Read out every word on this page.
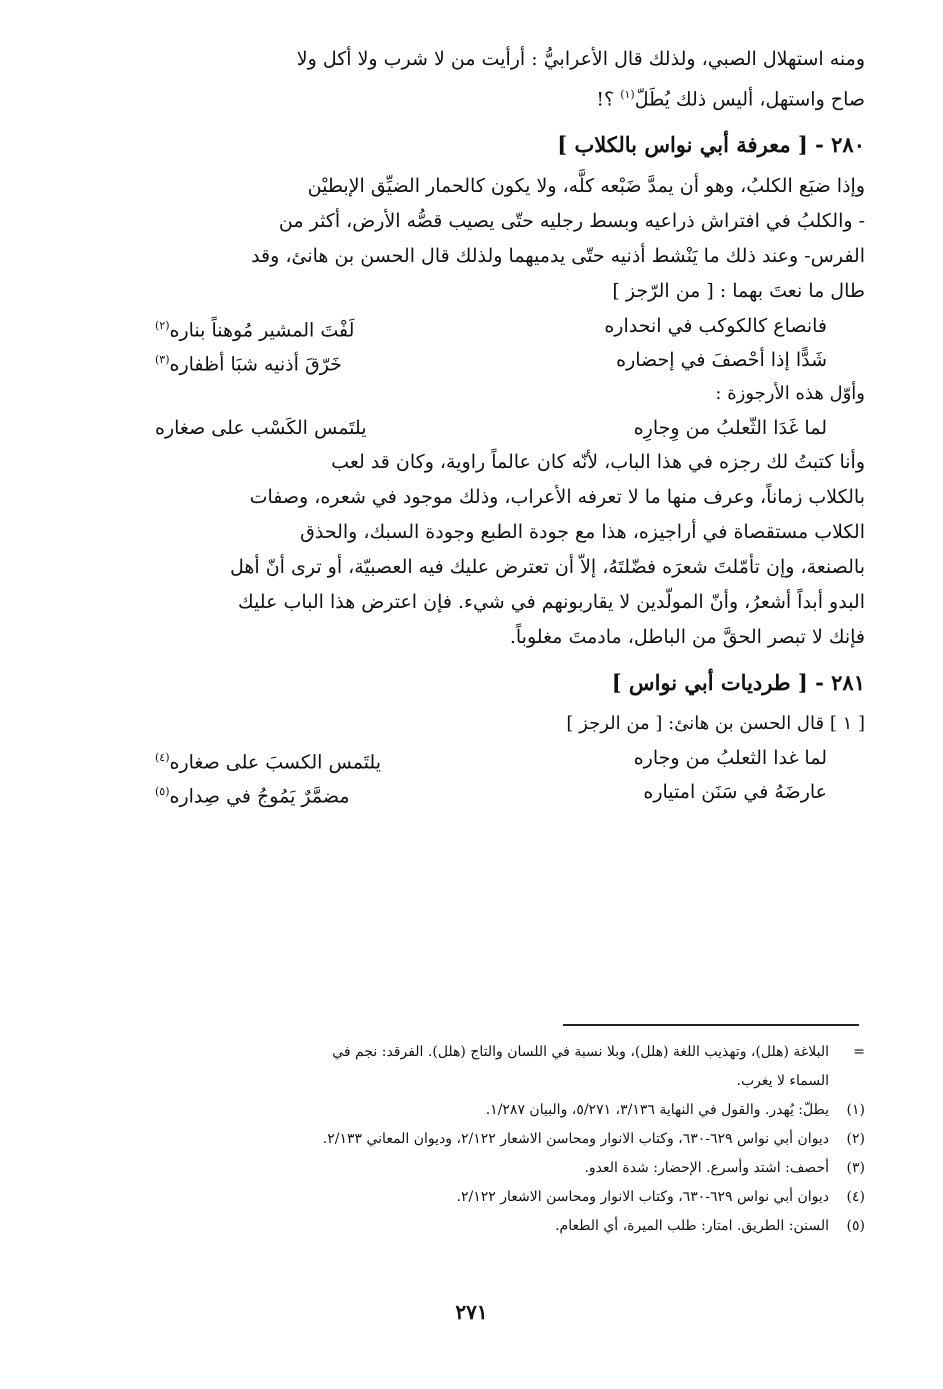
ومنه استهلال الصبي، ولذلك قال الأعرابيُّ : أرأيت من لا شرب ولا أكل ولا
صاح واستهل، أليس ذلك يُطَلّ$^{(١)}$ ؟!
٢٨٠ - [ معرفة أبي نواس بالكلاب ]
وإذا ضبَع الكلبُ، وهو أن يمدَّ ضَبْعه كلَّه، ولا يكون كالحمار الضيِّق الإبطيْن
- والكلبُ في افتراش ذراعيه وبسط رجليه حتّى يصيب قصُّه الأرض، أكثر من
الفرس- وعند ذلك ما يَنْشط أذنيه حتّى يدميهما ولذلك قال الحسن بن هانئ، وقد
طال ما نعتَ بهما : [ من الرّجز ]
فانصاع كالكوكب في انحداره
لَفْتَ المشير مُوهناً بناره$^{(٢)}$
شَدًّا إذا أحْصفَ في إحضاره
خَرّقَ أذنيه شبَا أظفاره$^{(٣)}$
وأوّل هذه الأرجوزة :
لما غَدَا الثّعلبُ من وِجارِه
يلتَمس الكَسْب على صغاره
وأنا كتبتُ لك رجزه في هذا الباب، لأنّه كان عالماً راوية، وكان قد لعب
بالكلاب زماناً، وعرف منها ما لا تعرفه الأعراب، وذلك موجود في شعره، وصفات
الكلاب مستقصاة في أراجيزه، هذا مع جودة الطبع وجودة السبك، والحذق
بالصنعة، وإن تأمّلتَ شعرَه فضّلتَهُ، إلاّ أن تعترض عليك فيه العصبيّة، أو ترى أنّ أهل
البدو أبداً أشعرُ، وأنّ المولّدين لا يقاربونهم في شيء. فإن اعترض هذا الباب عليك
فإنك لا تبصر الحقَّ من الباطل، مادمتَ مغلوباً.
٢٨١ - [ طرديات أبي نواس ]
[ ١ ] قال الحسن بن هانئ: [ من الرجز ]
لما غدا الثعلبُ من وجاره
يلتَمس الكسبَ على صغاره$^{(٤)}$
عارضَهُ في سَنَن امتياره
مضمَّرٌ يَمُوجُ في صِداره$^{(٥)}$
=البلاغة (هلل)، وتهذيب اللغة (هلل)، وبلا نسبة في اللسان والتاج (هلل). الفرقد: نجم في
السماء لا يغرب.
(١)يطلّ: يُهدر. والقول في النهاية ٣/١٣٦، ٥/٢٧١، والبيان ١/٢٨٧.
(٢)ديوان أبي نواس ٦٢٩-٦٣٠، وكتاب الانوار ومحاسن الاشعار ٢/١٢٢، وديوان المعاني ٢/١٣٣.
(٣)أحصف: اشتد وأسرع. الإحضار: شدة العدو.
(٤)ديوان أبي نواس ٦٢٩-٦٣٠، وكتاب الانوار ومحاسن الاشعار ٢/١٢٢.
(٥)السنن: الطريق. امتار: طلب الميرة، أي الطعام.
٢٧١
